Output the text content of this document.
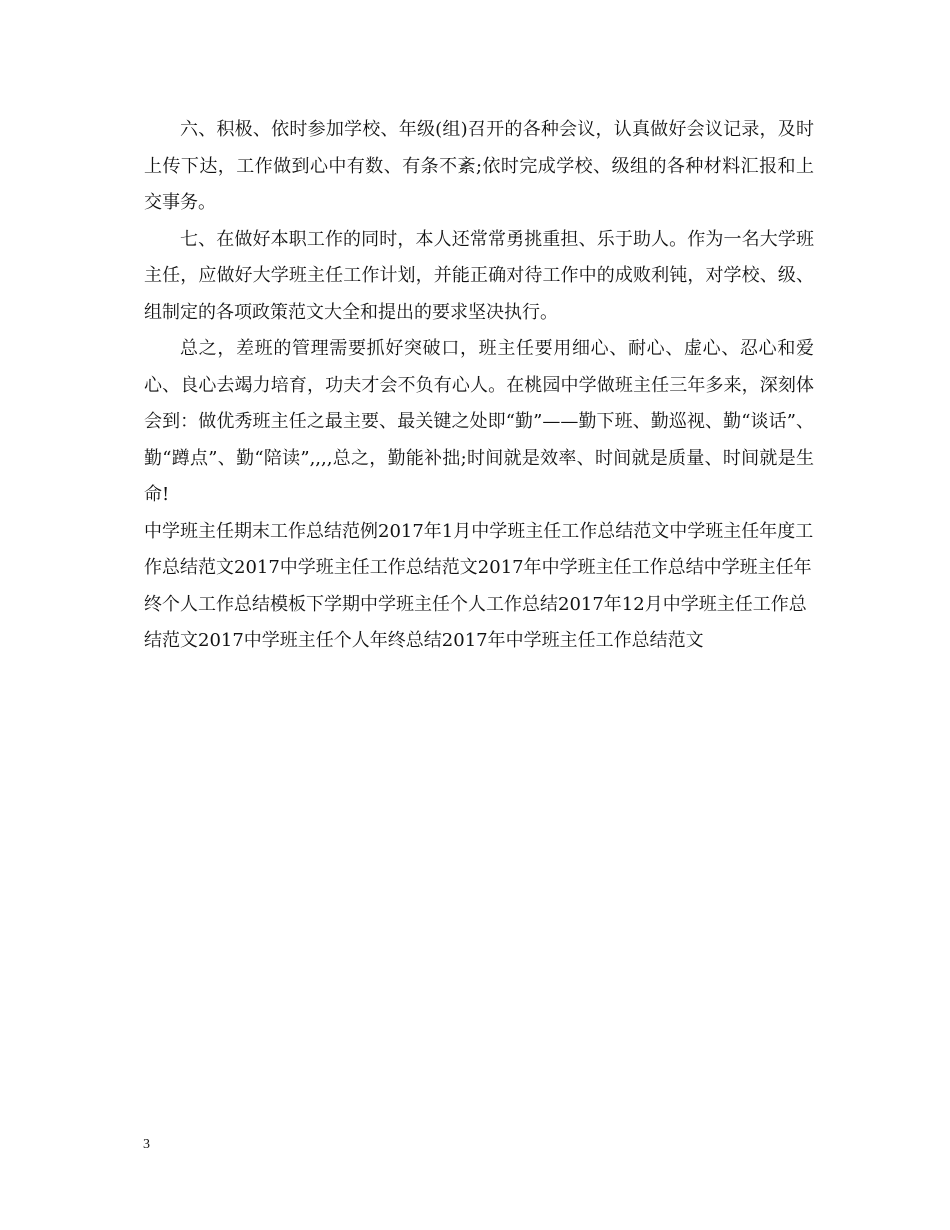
六、积极、依时参加学校、年级(组)召开的各种会议，认真做好会议记录，及时上传下达，工作做到心中有数、有条不紊;依时完成学校、级组的各种材料汇报和上交事务。

七、在做好本职工作的同时，本人还常常勇挑重担、乐于助人。作为一名大学班主任，应做好大学班主任工作计划，并能正确对待工作中的成败利钝，对学校、级、组制定的各项政策范文大全和提出的要求坚决执行。

总之，差班的管理需要抓好突破口，班主任要用细心、耐心、虚心、忍心和爱心、良心去竭力培育，功夫才会不负有心人。在桃园中学做班主任三年多来，深刻体会到：做优秀班主任之最主要、最关键之处即“勤”——勤下班、勤巡视、勤“谈话”、勤“蹲点”、勤“陪读”,,,,总之，勤能补拙;时间就是效率、时间就是质量、时间就是生命!

中学班主任期末工作总结范例2017年1月中学班主任工作总结范文中学班主任年度工作总结范文2017中学班主任工作总结范文2017年中学班主任工作总结中学班主任年终个人工作总结模板下学期中学班主任个人工作总结2017年12月中学班主任工作总结范文2017中学班主任个人年终总结2017年中学班主任工作总结范文

3
